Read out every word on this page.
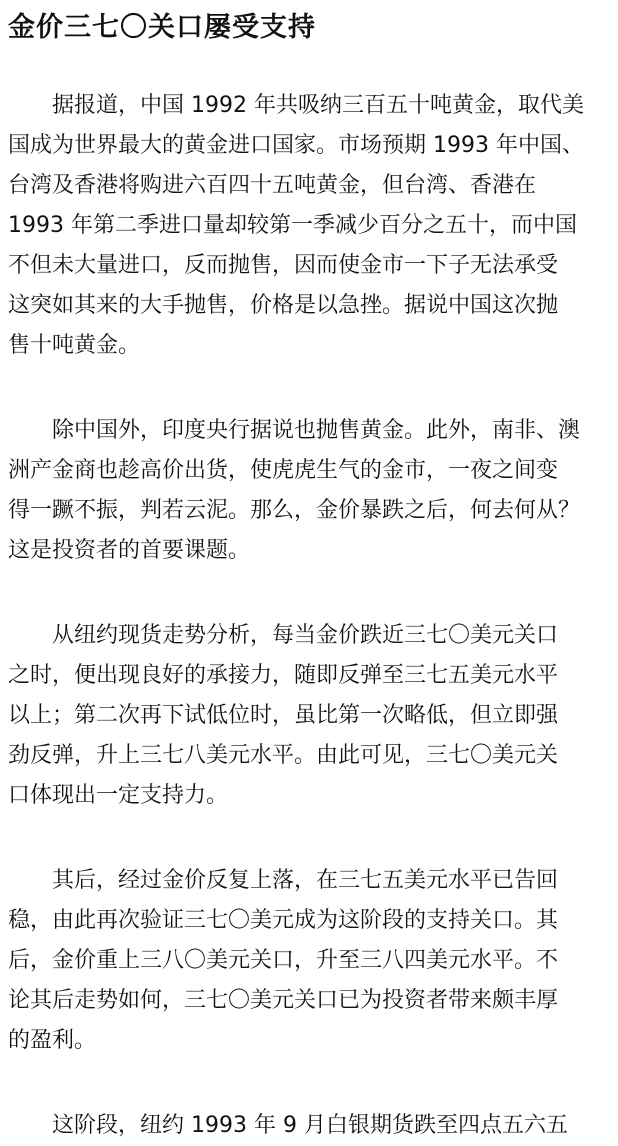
金价三七〇关口屡受支持
据报道，中国 1992 年共吸纳三百五十吨黄金，取代美
国成为世界最大的黄金进口国家。市场预期 1993 年中国、
台湾及香港将购进六百四十五吨黄金，但台湾、香港在
1993 年第二季进口量却较第一季减少百分之五十，而中国
不但未大量进口，反而抛售，因而使金市一下子无法承受
这突如其来的大手抛售，价格是以急挫。据说中国这次抛
售十吨黄金。
除中国外，印度央行据说也抛售黄金。此外，南非、澳
洲产金商也趁高价出货，使虎虎生气的金市，一夜之间变
得一蹶不振，判若云泥。那么，金价暴跌之后，何去何从？
这是投资者的首要课题。
从纽约现货走势分析，每当金价跌近三七〇美元关口
之时，便出现良好的承接力，随即反弹至三七五美元水平
以上；第二次再下试低位时，虽比第一次略低，但立即强
劲反弹，升上三七八美元水平。由此可见，三七〇美元关
口体现出一定支持力。
其后，经过金价反复上落，在三七五美元水平已告回
稳，由此再次验证三七〇美元成为这阶段的支持关口。其
后，金价重上三八〇美元关口，升至三八四美元水平。不
论其后走势如何，三七〇美元关口已为投资者带来颇丰厚
的盈利。
这阶段，纽约 1993 年 9 月白银期货跌至四点五六五
